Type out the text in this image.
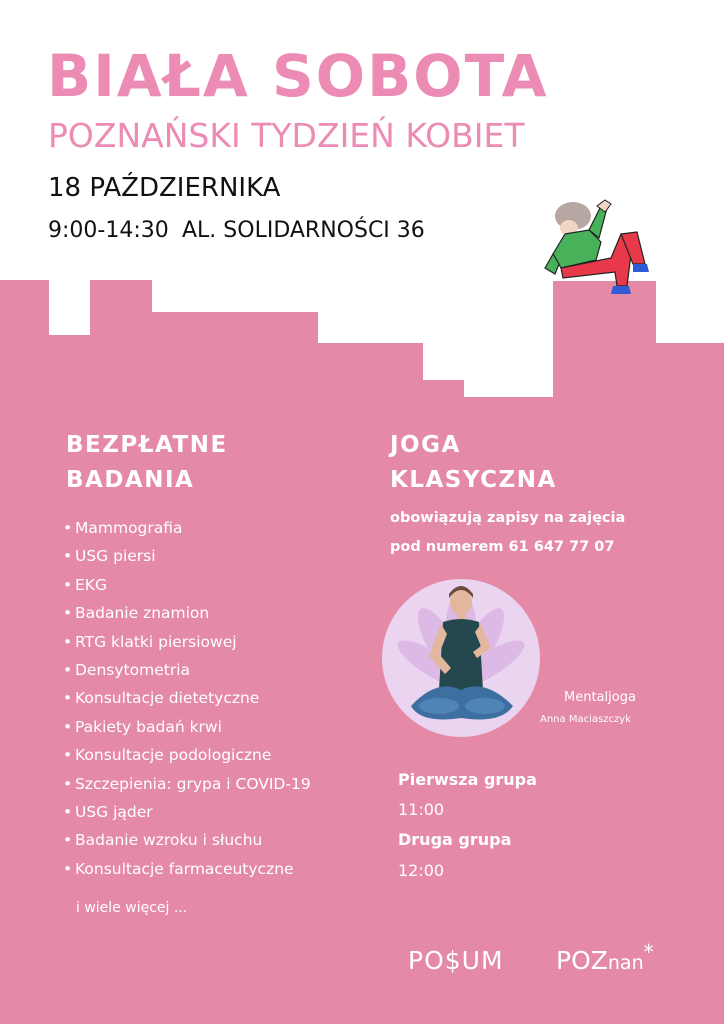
BIAŁA SOBOTA
POZNAŃSKI TYDZIEŃ KOBIET
18 PAŹDZIERNIKA
9:00-14:30 AL. SOLIDARNOŚCI 36
BEZPŁATNE
BADANIA
• Mammografia
• USG piersi
• EKG
• Badanie znamion
• RTG klatki piersiowej
• Densytometria
• Konsultacje dietetyczne
• Pakiety badań krwi
• Konsultacje podologiczne
• Szczepienia: grypa i COVID-19
• USG jąder
• Badanie wzroku i słuchu
• Konsultacje farmaceutyczne
i wiele więcej ...
JOGA
KLASYCZNA
obowiązują zapisy na zajęcia
pod numerem 61 647 77 07
Mentaljoga
Anna Maciaszczyk
Pierwsza grupa
11:00
Druga grupa
12:00
PO$UM POZnan*
